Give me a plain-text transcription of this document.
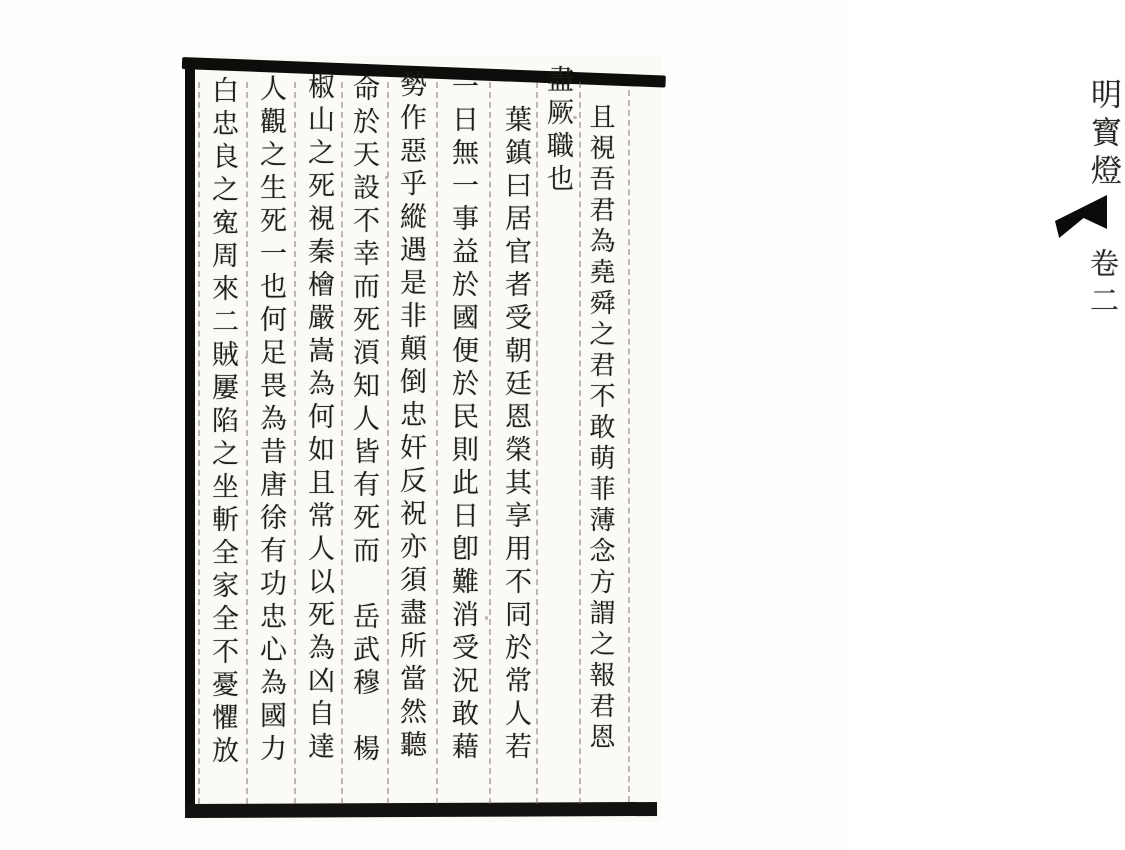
明寳燈
卷二
且視吾君為堯舜之君不敢萌菲薄念方謂之報君恩
盡厥職也
　葉鎮曰居官者受朝廷恩榮其享用不同於常人若
一日無一事益於國便於民則此日卽難消受況敢藉
勢作惡乎縱遇是非顛倒忠奸反祝亦須盡所當然聽
命於天設不幸而死湏知人皆有死而　岳武穆　楊
椒山之死視秦檜嚴嵩為何如且常人以死為凶自達
人觀之生死一也何足畏為昔唐徐有功忠心為國力
白忠良之寃周來二賊屢陷之坐斬全家全不憂懼放
